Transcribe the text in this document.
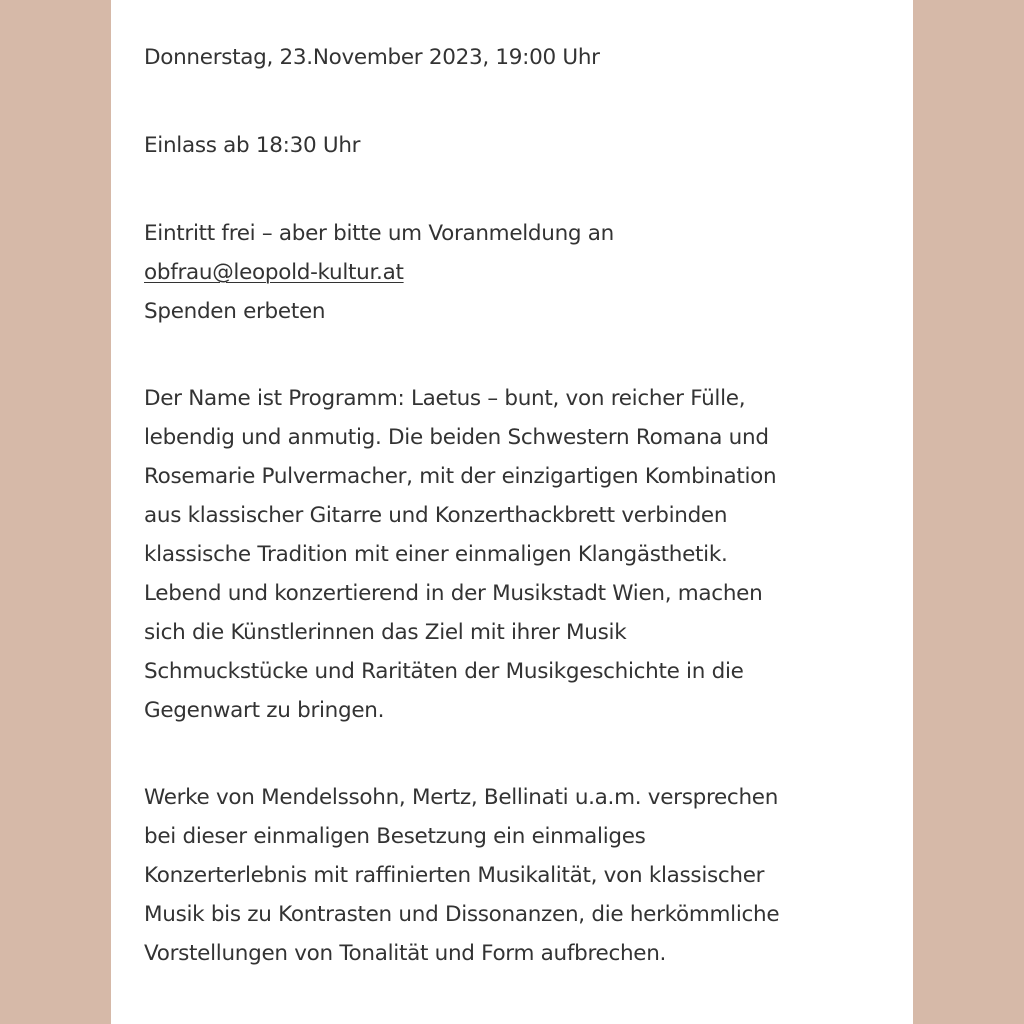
Donnerstag, 23.November 2023, 19:00 Uhr

Einlass ab 18:30 Uhr

Eintritt frei – aber bitte um Voranmeldung an
obfrau@leopold-kultur.at
Spenden erbeten
Der Name ist Programm: Laetus – bunt, von reicher Fülle,
lebendig und anmutig. Die beiden Schwestern Romana und
Rosemarie Pulvermacher, mit der einzigartigen Kombination
aus klassischer Gitarre und Konzerthackbrett verbinden
klassische Tradition mit einer einmaligen Klangästhetik.
Lebend und konzertierend in der Musikstadt Wien, machen
sich die Künstlerinnen das Ziel mit ihrer Musik
Schmuckstücke und Raritäten der Musikgeschichte in die
Gegenwart zu bringen.
Werke von Mendelssohn, Mertz, Bellinati u.a.m. versprechen
bei dieser einmaligen Besetzung ein einmaliges
Konzerterlebnis mit raffinierten Musikalität, von klassischer
Musik bis zu Kontrasten und Dissonanzen, die herkömmliche
Vorstellungen von Tonalität und Form aufbrechen.
